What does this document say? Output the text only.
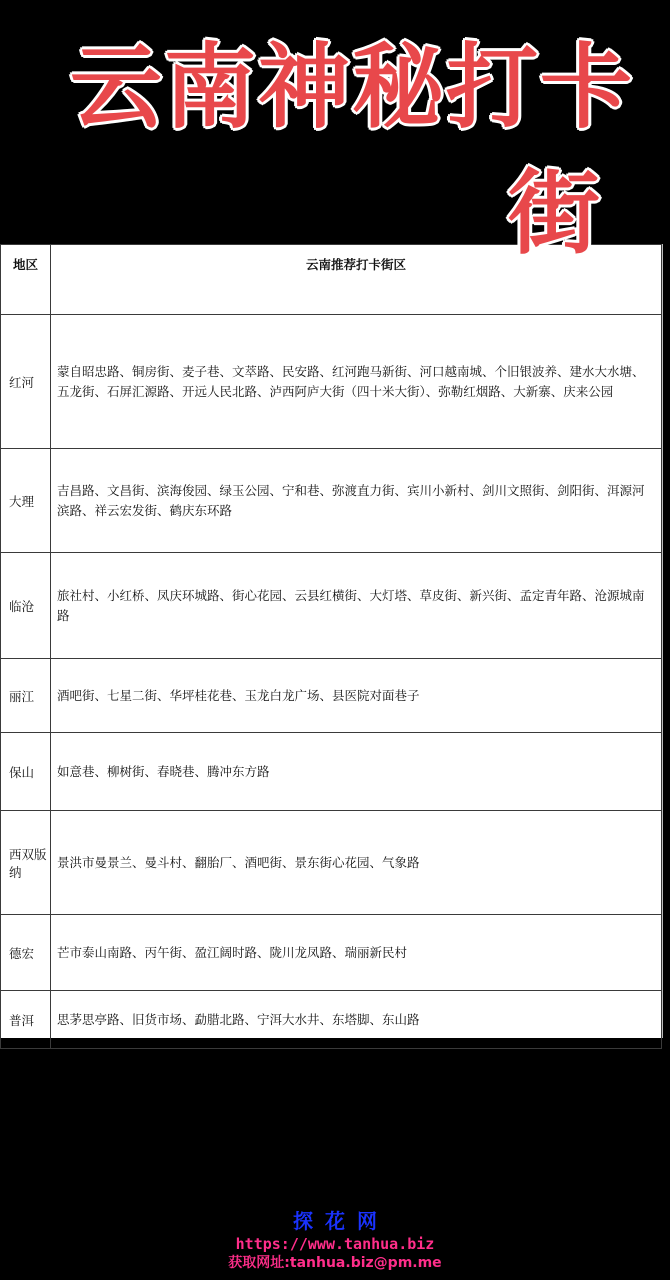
云南神秘打卡
街
地区	云南推荐打卡街区
红河	蒙自昭忠路、铜房街、麦子巷、文萃路、民安路、红河跑马新街、河口越南城、个旧银波养、建水大水塘、五龙街、石屏汇源路、开远人民北路、泸西阿庐大街（四十米大街）、弥勒红烟路、大新寨、庆来公园
大理	吉昌路、文昌街、滨海俊园、绿玉公园、宁和巷、弥渡直力街、宾川小新村、剑川文照街、剑阳街、洱源河滨路、祥云宏发街、鹤庆东环路
临沧	旅社村、小红桥、凤庆环城路、街心花园、云县红横街、大灯塔、草皮街、新兴街、孟定青年路、沧源城南路
丽江	酒吧街、七星二街、华坪桂花巷、玉龙白龙广场、县医院对面巷子
保山	如意巷、柳树街、春晓巷、腾冲东方路
西双版纳	景洪市曼景兰、曼斗村、翻胎厂、酒吧街、景东街心花园、气象路
德宏	芒市泰山南路、丙午街、盈江阔时路、陇川龙凤路、瑞丽新民村
普洱	思茅思亭路、旧货市场、勐腊北路、宁洱大水井、东塔脚、东山路
探花网
https://www.tanhua.biz
获取网址:tanhua.biz@pm.me
